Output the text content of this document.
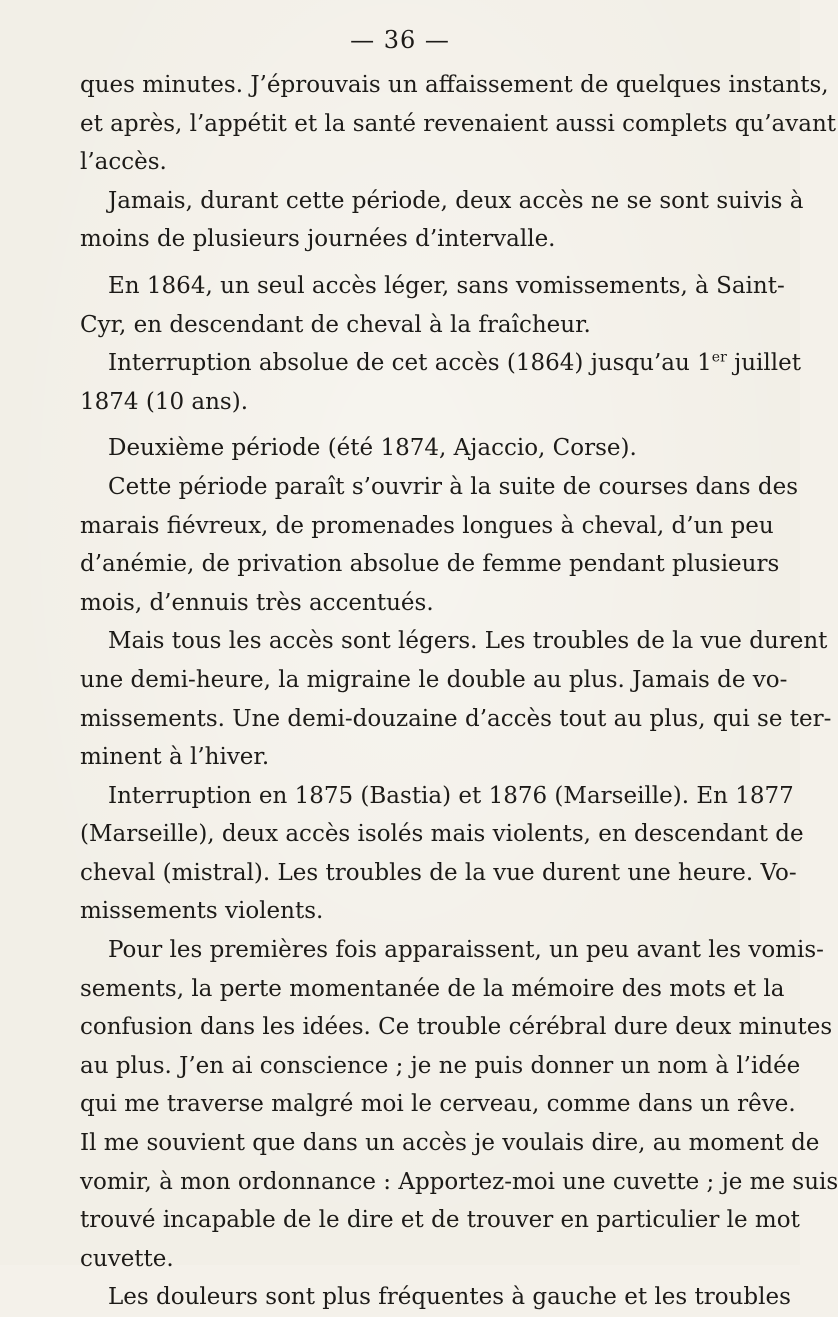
— 36 —
ques minutes. J’éprouvais un affaissement de quelques instants,
et après, l’appétit et la santé revenaient aussi complets qu’avant
l’accès.
Jamais, durant cette période, deux accès ne se sont suivis à
moins de plusieurs journées d’intervalle.
En 1864, un seul accès léger, sans vomissements, à Saint-
Cyr, en descendant de cheval à la fraîcheur.
Interruption absolue de cet accès (1864) jusqu’au 1er juillet
1874 (10 ans).
Deuxième période (été 1874, Ajaccio, Corse).
Cette période paraît s’ouvrir à la suite de courses dans des
marais fiévreux, de promenades longues à cheval, d’un peu
d’anémie, de privation absolue de femme pendant plusieurs
mois, d’ennuis très accentués.
Mais tous les accès sont légers. Les troubles de la vue durent
une demi-heure, la migraine le double au plus. Jamais de vo-
missements. Une demi-douzaine d’accès tout au plus, qui se ter-
minent à l’hiver.
Interruption en 1875 (Bastia) et 1876 (Marseille). En 1877
(Marseille), deux accès isolés mais violents, en descendant de
cheval (mistral). Les troubles de la vue durent une heure. Vo-
missements violents.
Pour les premières fois apparaissent, un peu avant les vomis-
sements, la perte momentanée de la mémoire des mots et la
confusion dans les idées. Ce trouble cérébral dure deux minutes
au plus. J’en ai conscience ; je ne puis donner un nom à l’idée
qui me traverse malgré moi le cerveau, comme dans un rêve.
Il me souvient que dans un accès je voulais dire, au moment de
vomir, à mon ordonnance : Apportez-moi une cuvette ; je me suis
trouvé incapable de le dire et de trouver en particulier le mot
cuvette.
Les douleurs sont plus fréquentes à gauche et les troubles
